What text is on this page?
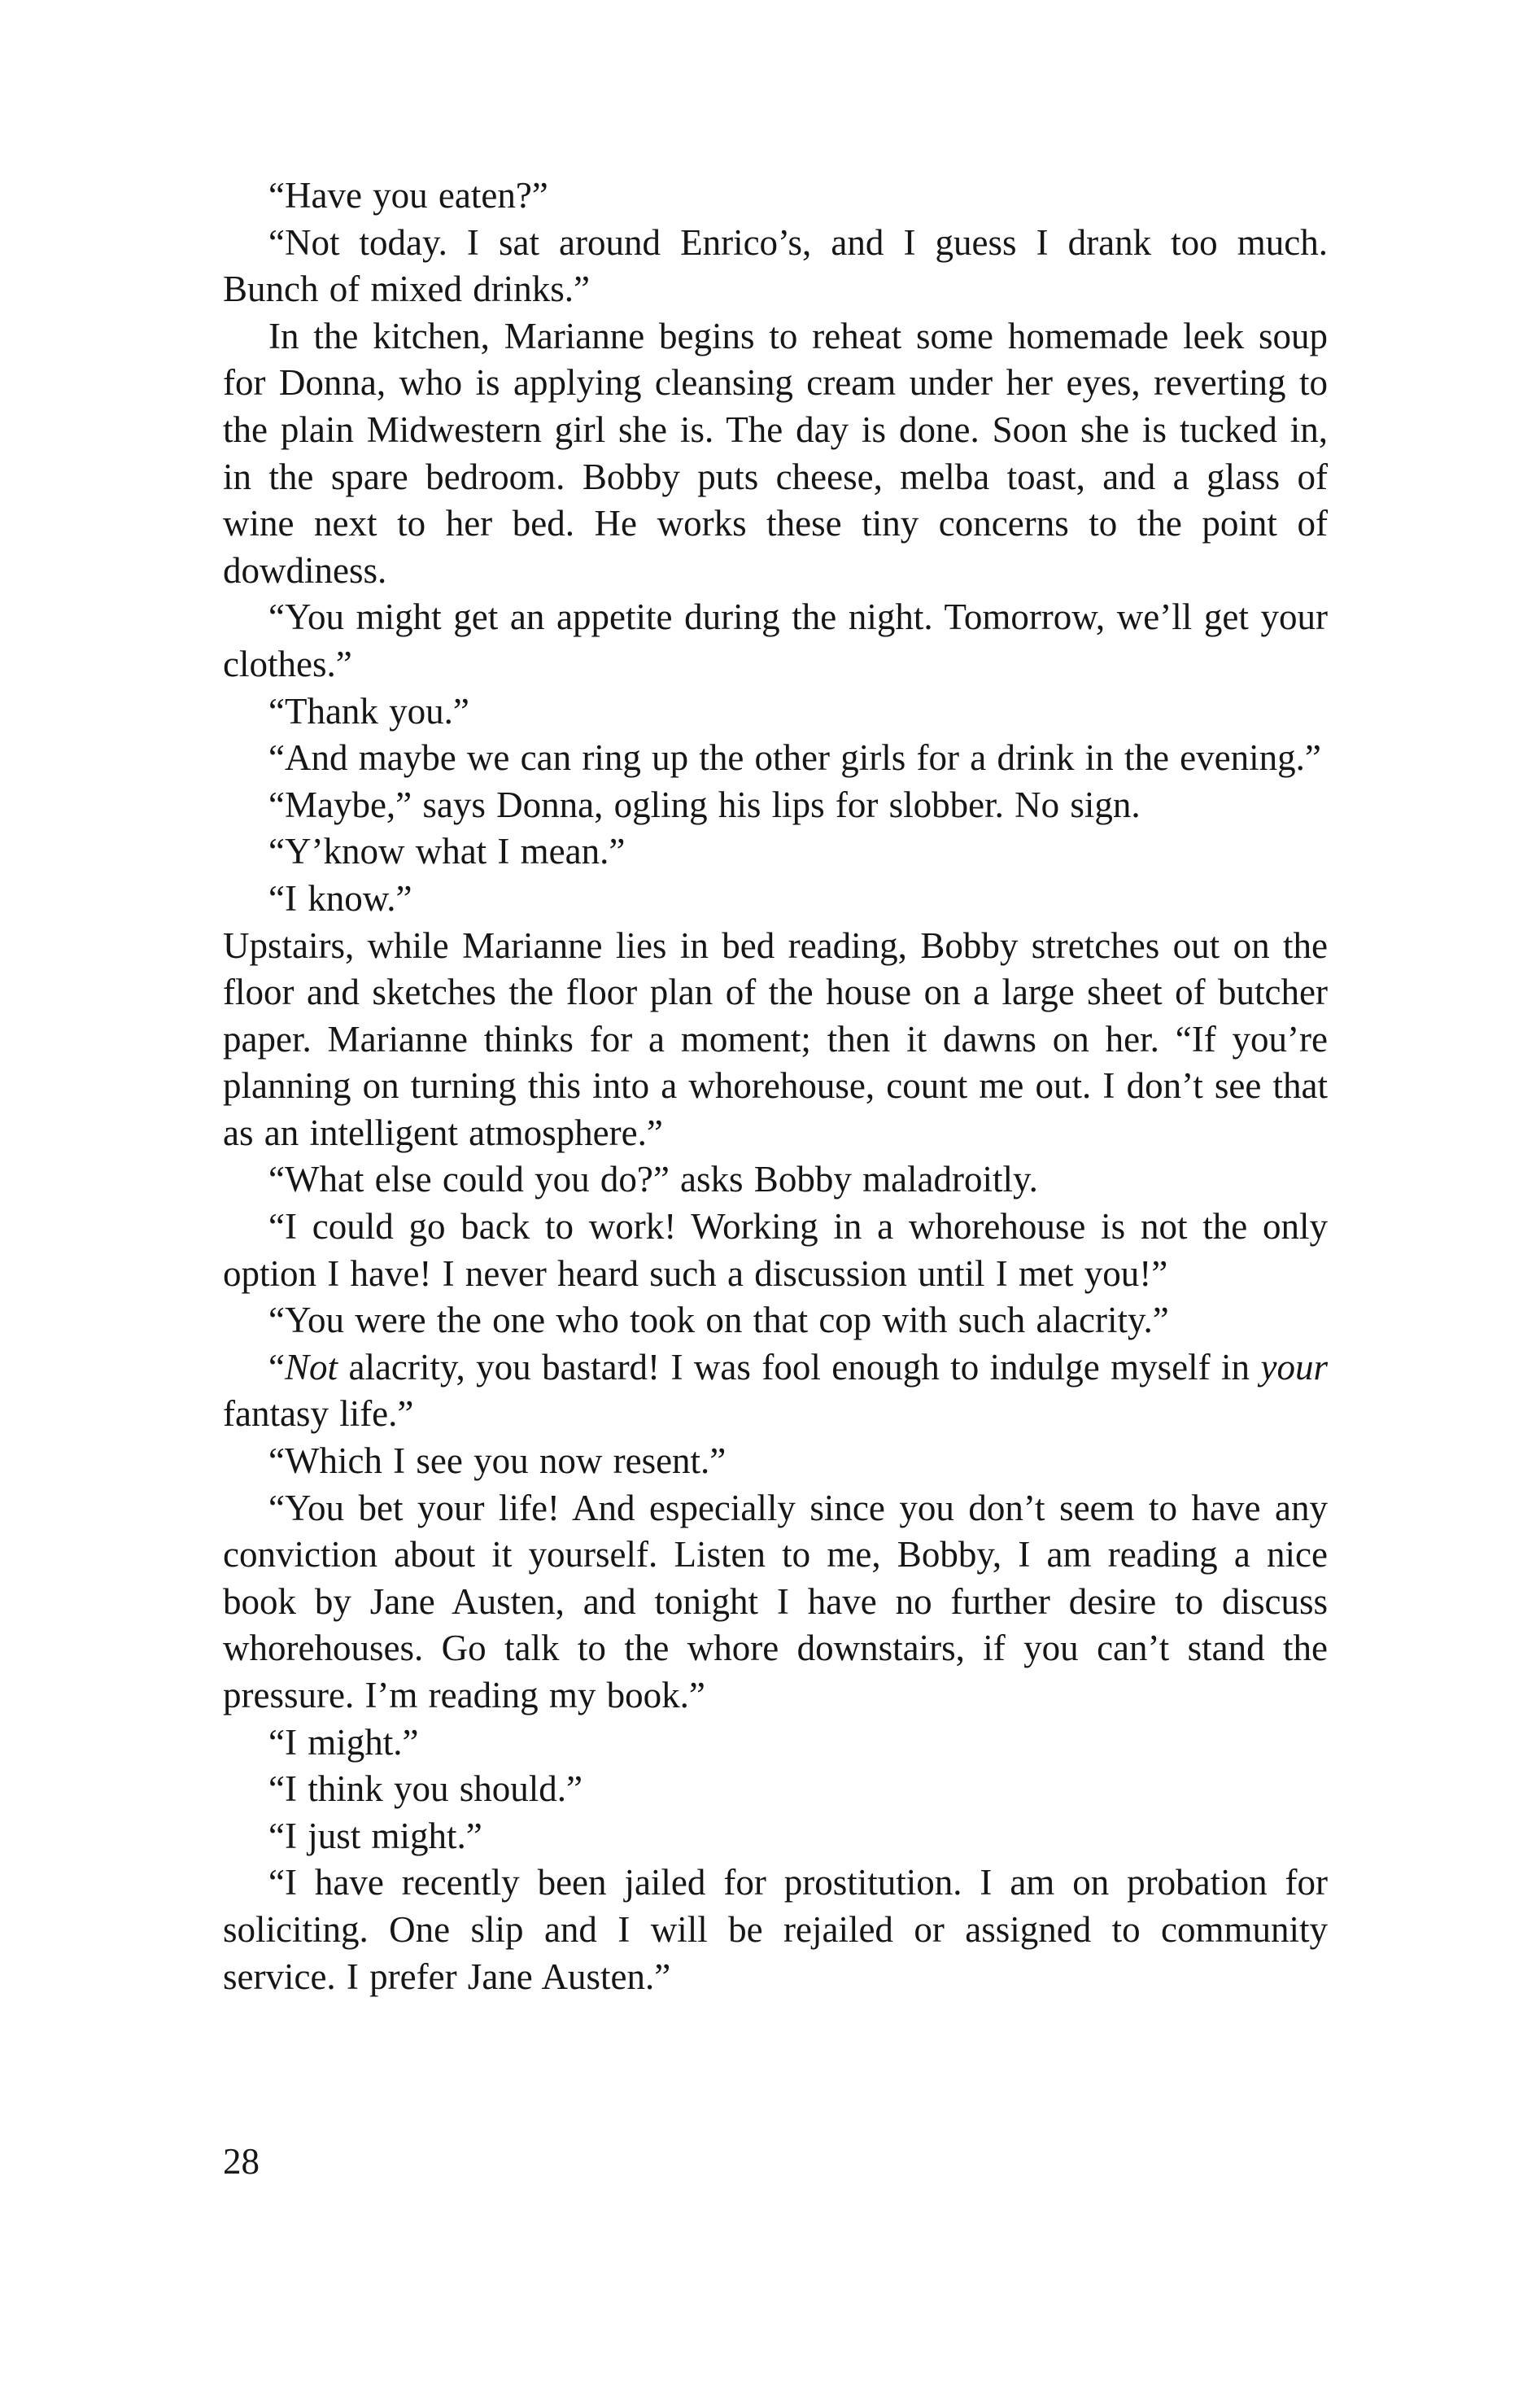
“Have you eaten?”

“Not today. I sat around Enrico’s, and I guess I drank too much. Bunch of mixed drinks.”

In the kitchen, Marianne begins to reheat some homemade leek soup for Donna, who is applying cleansing cream under her eyes, reverting to the plain Midwestern girl she is. The day is done. Soon she is tucked in, in the spare bedroom. Bobby puts cheese, melba toast, and a glass of wine next to her bed. He works these tiny concerns to the point of dowdiness.

“You might get an appetite during the night. Tomorrow, we’ll get your clothes.”

“Thank you.”

“And maybe we can ring up the other girls for a drink in the evening.”

“Maybe,” says Donna, ogling his lips for slobber. No sign.

“Y’know what I mean.”

“I know.”

Upstairs, while Marianne lies in bed reading, Bobby stretches out on the floor and sketches the floor plan of the house on a large sheet of butcher paper. Marianne thinks for a moment; then it dawns on her. “If you’re planning on turning this into a whorehouse, count me out. I don’t see that as an intelligent atmosphere.”

“What else could you do?” asks Bobby maladroitly.

“I could go back to work! Working in a whorehouse is not the only option I have! I never heard such a discussion until I met you!”

“You were the one who took on that cop with such alacrity.”

“Not alacrity, you bastard! I was fool enough to indulge myself in your fantasy life.”

“Which I see you now resent.”

“You bet your life! And especially since you don’t seem to have any conviction about it yourself. Listen to me, Bobby, I am reading a nice book by Jane Austen, and tonight I have no further desire to discuss whorehouses. Go talk to the whore downstairs, if you can’t stand the pressure. I’m reading my book.”

“I might.”

“I think you should.”

“I just might.”

“I have recently been jailed for prostitution. I am on probation for soliciting. One slip and I will be rejailed or assigned to community service. I prefer Jane Austen.”

28
